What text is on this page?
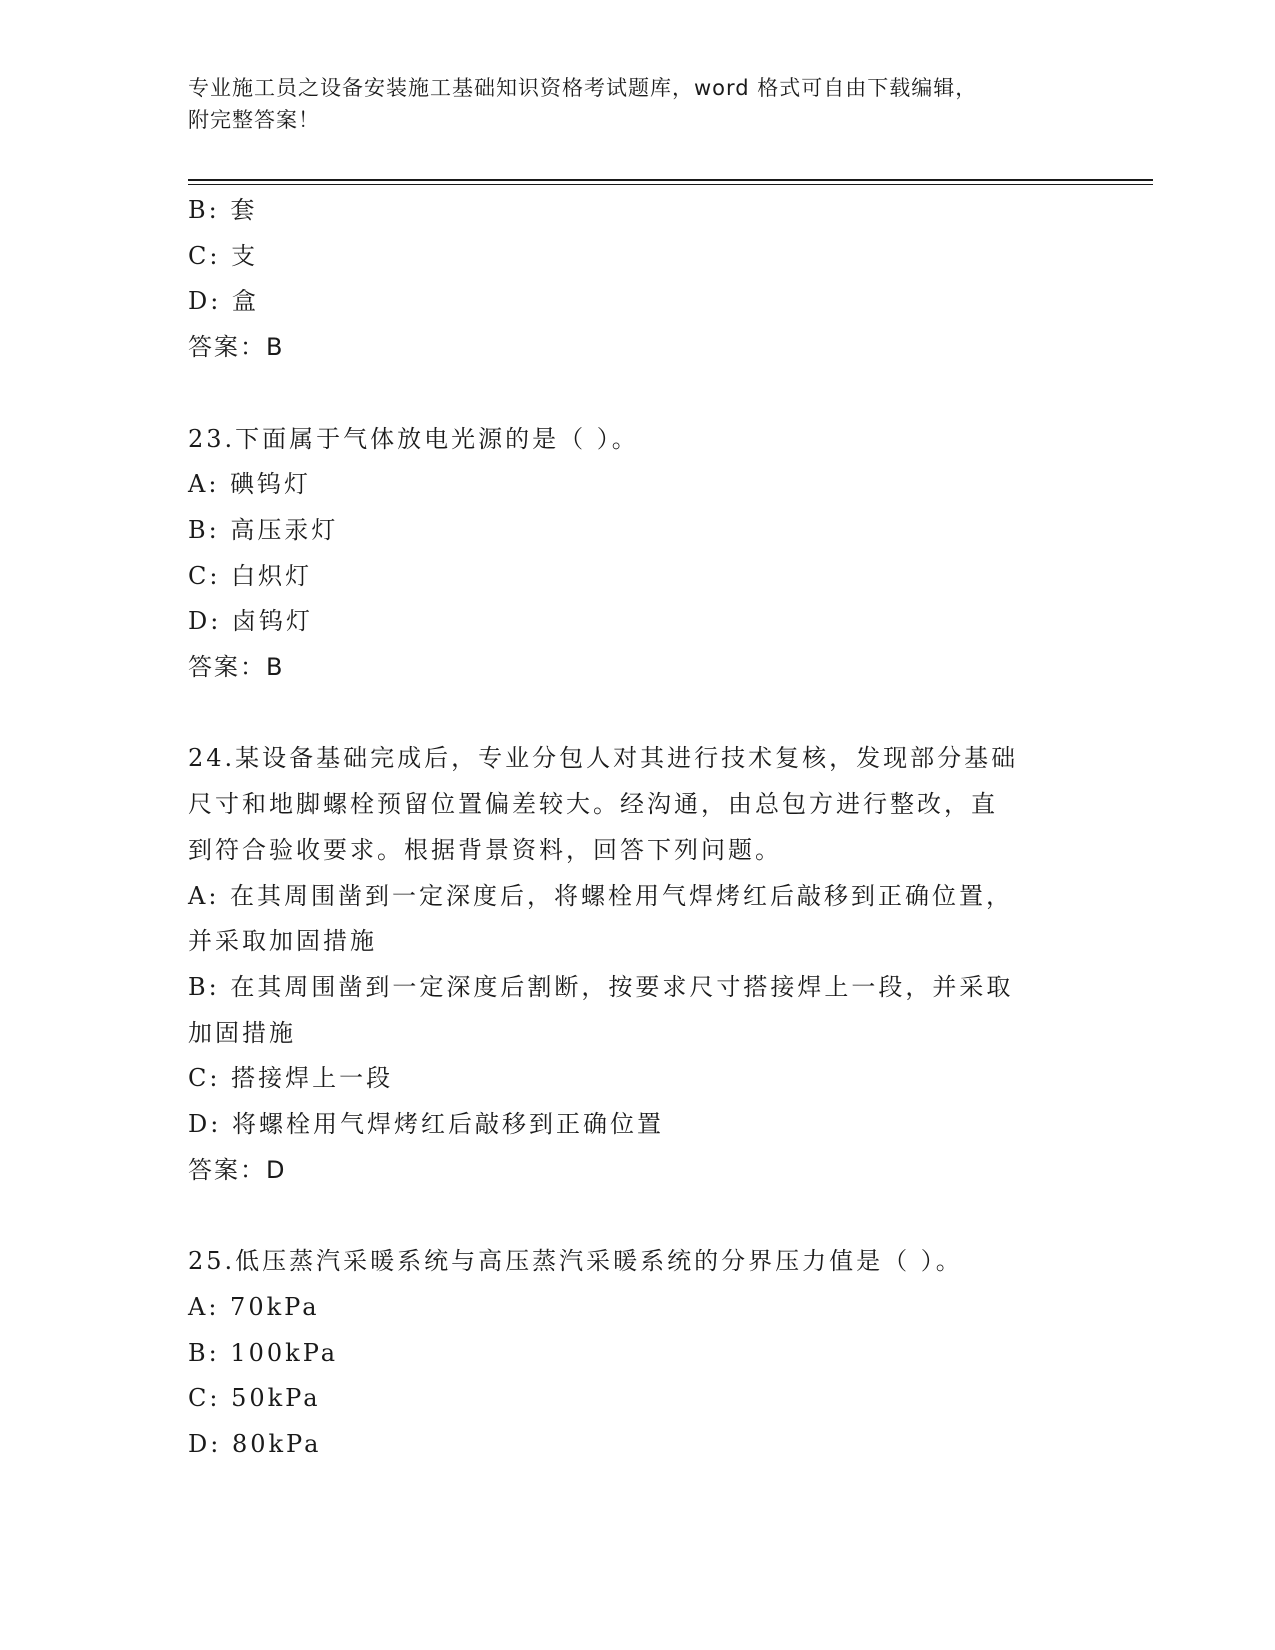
专业施工员之设备安装施工基础知识资格考试题库，word 格式可自由下载编辑，
附完整答案！
B: 套
C: 支
D: 盒
答案：B
23.下面属于气体放电光源的是（ ）。
A: 碘钨灯
B: 高压汞灯
C: 白炽灯
D: 卤钨灯
答案：B
24.某设备基础完成后，专业分包人对其进行技术复核，发现部分基础
尺寸和地脚螺栓预留位置偏差较大。经沟通，由总包方进行整改，直
到符合验收要求。根据背景资料，回答下列问题。
A: 在其周围凿到一定深度后，将螺栓用气焊烤红后敲移到正确位置，
并采取加固措施
B: 在其周围凿到一定深度后割断，按要求尺寸搭接焊上一段，并采取
加固措施
C: 搭接焊上一段
D: 将螺栓用气焊烤红后敲移到正确位置
答案：D
25.低压蒸汽采暖系统与高压蒸汽采暖系统的分界压力值是（ ）。
A: 70kPa
B: 100kPa
C: 50kPa
D: 80kPa
